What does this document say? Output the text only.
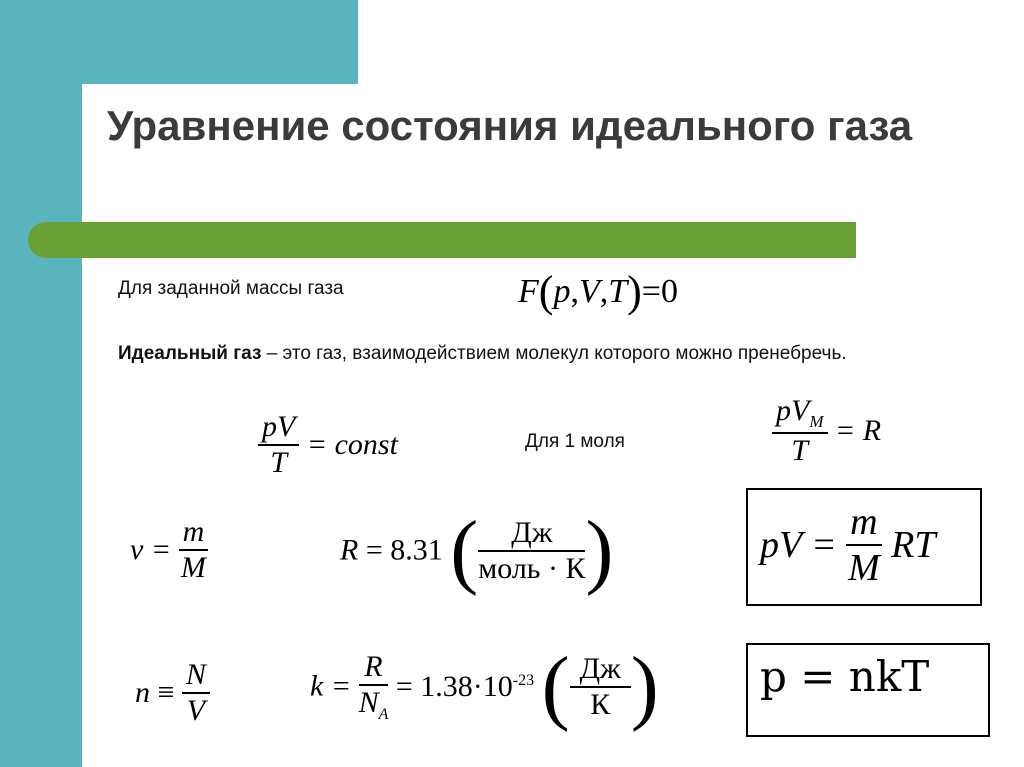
Уравнение состояния идеального газа
Для заданной массы газа	F(p,V,T)=0
Идеальный газ – это газ, взаимодействием молекул которого можно пренебречь.
$\frac{pV}{T}$ = const	Для 1 моля	$\frac{pV_M}{T} = R$
$\nu = \frac{m}{M}$	R = 8.31 ( $\frac{Дж}{\text{моль · К}}$ )	pV = $\frac{m}{M}$ RT
$n \equiv \frac{N}{V}$	$k = \frac{R}{N_A} = 1.38\cdot 10^{-23}$ ( $\frac{Дж}{К}$ ) p = nkT
